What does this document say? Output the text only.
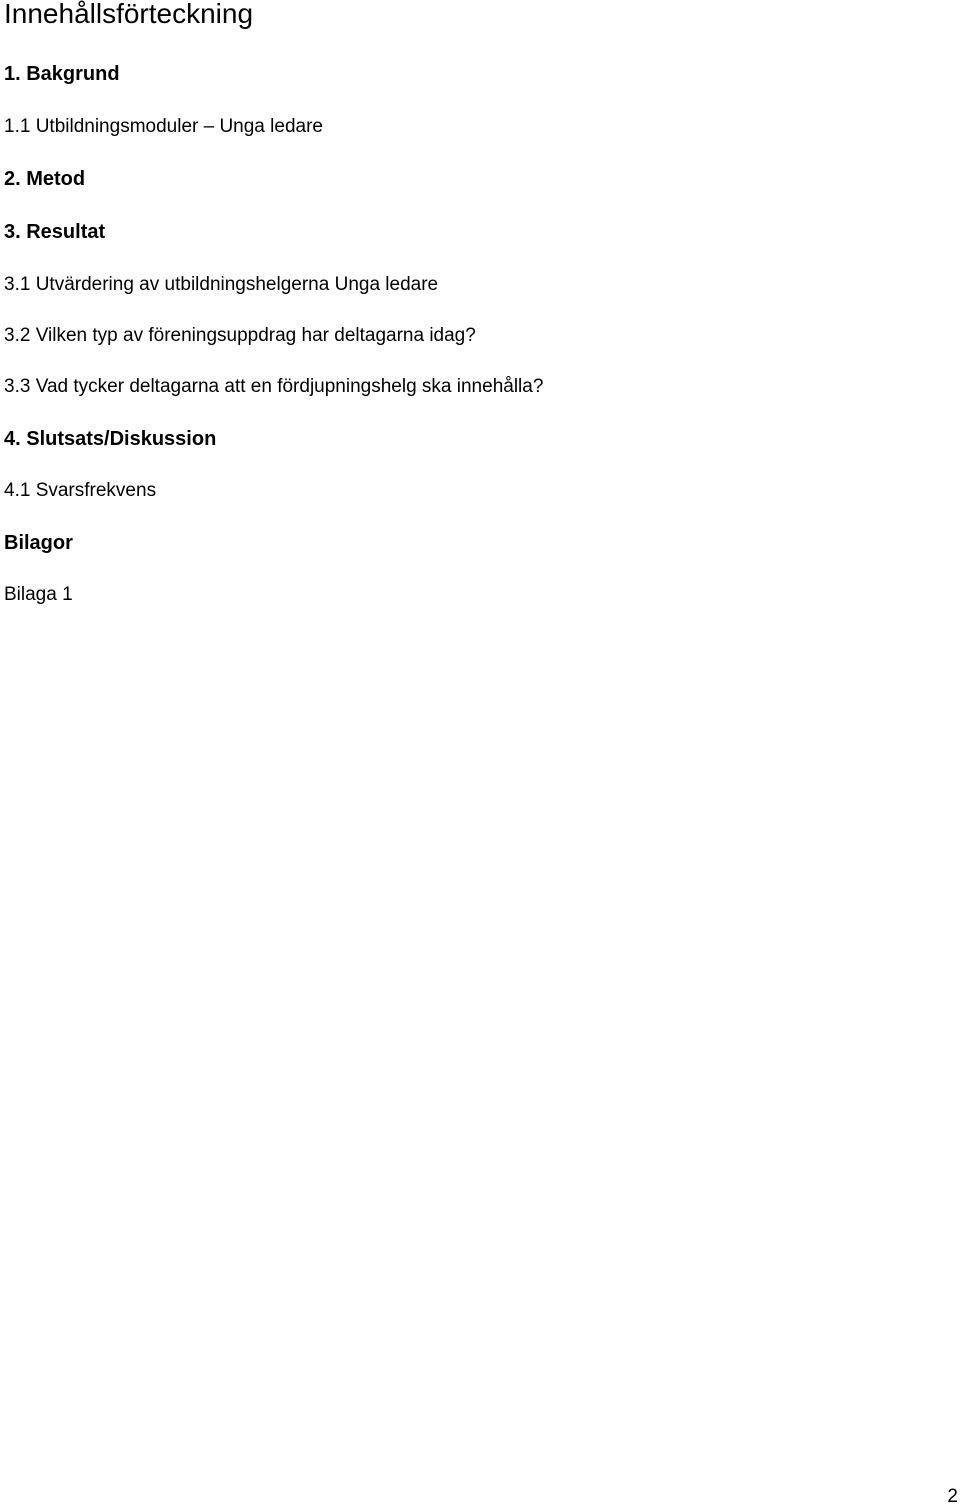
Innehållsförteckning
1. Bakgrund
1.1 Utbildningsmoduler – Unga ledare
2. Metod
3. Resultat
3.1 Utvärdering av utbildningshelgerna Unga ledare
3.2 Vilken typ av föreningsuppdrag har deltagarna idag?
3.3 Vad tycker deltagarna att en fördjupningshelg ska innehålla?
4. Slutsats/Diskussion
4.1 Svarsfrekvens
Bilagor
Bilaga 1
2
